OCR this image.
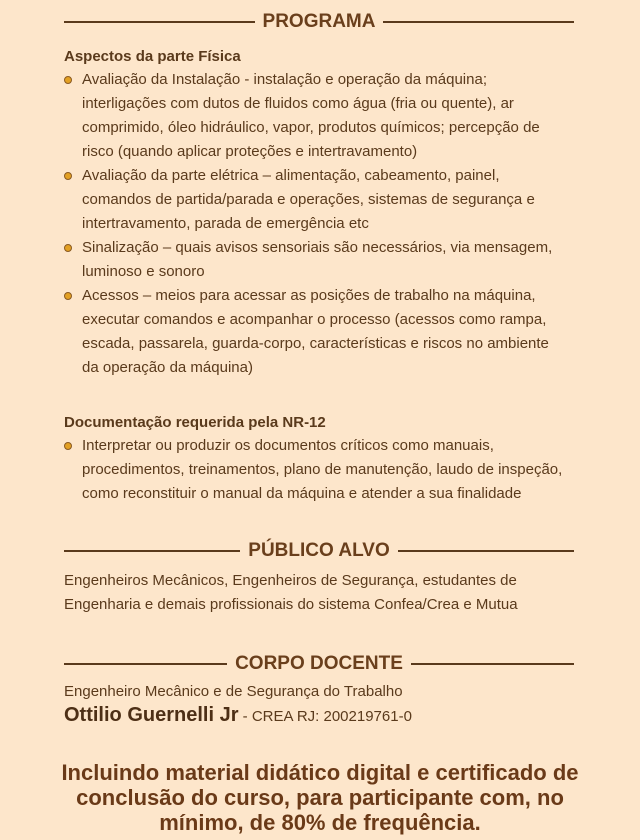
PROGRAMA
Aspectos da parte Física
Avaliação da Instalação - instalação e operação da máquina; interligações com dutos de fluidos como água (fria ou quente), ar comprimido, óleo hidráulico, vapor, produtos químicos; percepção de risco (quando aplicar proteções e intertravamento)
Avaliação da parte elétrica – alimentação, cabeamento, painel, comandos de partida/parada e operações, sistemas de segurança e intertravamento, parada de emergência etc
Sinalização – quais avisos sensoriais são necessários, via mensagem, luminoso e sonoro
Acessos – meios para acessar as posições de trabalho na máquina, executar comandos e acompanhar o processo (acessos como rampa, escada, passarela, guarda-corpo, características e riscos no ambiente da operação da máquina)
Documentação requerida pela NR-12
Interpretar ou produzir os documentos críticos como manuais, procedimentos, treinamentos, plano de manutenção, laudo de inspeção, como reconstituir o manual da máquina e atender a sua finalidade
PÚBLICO ALVO
Engenheiros Mecânicos, Engenheiros de Segurança, estudantes de Engenharia e demais profissionais do sistema Confea/Crea e Mutua
CORPO DOCENTE
Engenheiro Mecânico e de Segurança do Trabalho
Ottilio Guernelli Jr - CREA RJ: 200219761-0
Incluindo material didático digital e certificado de conclusão do curso, para participante com, no mínimo, de 80% de frequência.
